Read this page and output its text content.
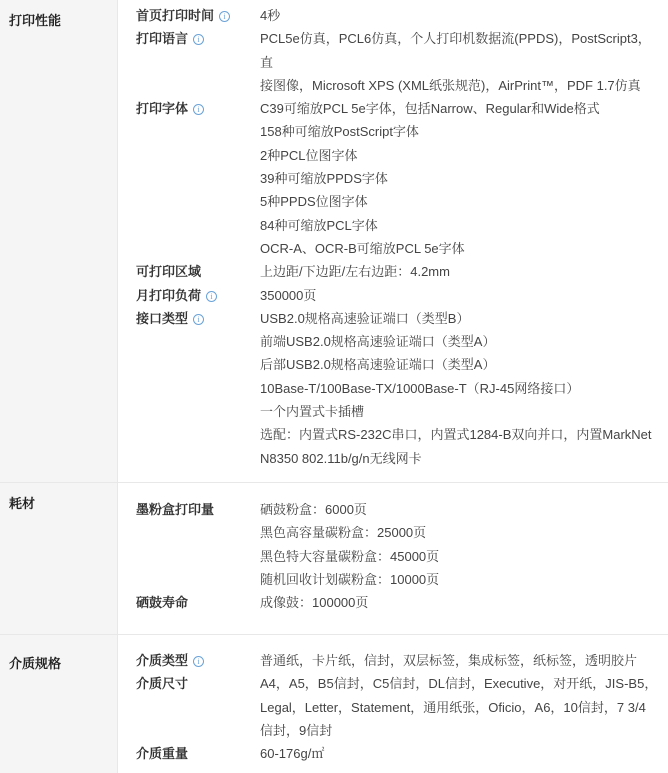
打印性能	首页打印时间 i	4秒
打印语言 i	PCL5e仿真，PCL6仿真，个人打印机数据流(PPDS)，PostScript3，直
接图像，Microsoft XPS (XML纸张规范)，AirPrint™，PDF 1.7仿真
打印字体 i	C39可缩放PCL 5e字体，包括Narrow、Regular和Wide格式
158种可缩放PostScript字体
2种PCL位图字体
39种可缩放PPDS字体
5种PPDS位图字体
84种可缩放PCL字体
OCR-A、OCR-B可缩放PCL 5e字体
可打印区域	上边距/下边距/左右边距：4.2mm
月打印负荷 i	350000页
接口类型 i	USB2.0规格高速验证端口（类型B）
前端USB2.0规格高速验证端口（类型A）
后部USB2.0规格高速验证端口（类型A）
10Base-T/100Base-TX/1000Base-T（RJ-45网络接口）
一个内置式卡插槽
选配：内置式RS-232C串口，内置式1284-B双向并口，内置MarkNet
N8350 802.11b/g/n无线网卡
耗材	墨粉盒打印量	硒鼓粉盒：6000页
黑色高容量碳粉盒：25000页
黑色特大容量碳粉盒：45000页
随机回收计划碳粉盒：10000页
硒鼓寿命	成像鼓：100000页
介质规格	介质类型 i	普通纸，卡片纸，信封，双层标签，集成标签，纸标签，透明胶片
介质尺寸	A4，A5，B5信封，C5信封，DL信封，Executive，对开纸，JIS-B5，
Legal，Letter，Statement，通用纸张，Oficio，A6，10信封，7 3/4
信封，9信封
介质重量	60-176g/㎡
